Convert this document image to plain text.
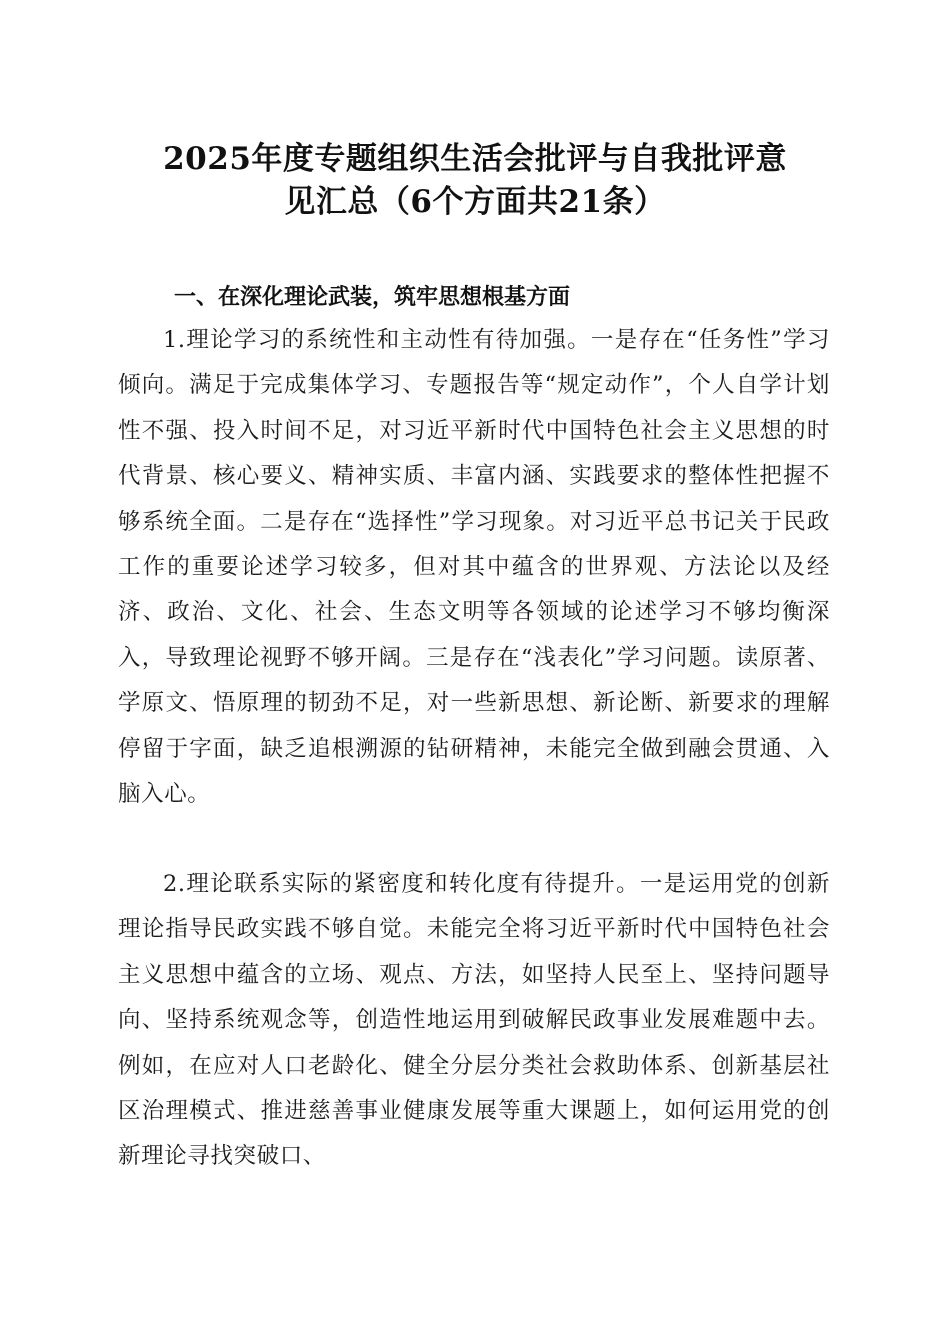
2025年度专题组织生活会批评与自我批评意
见汇总（6个方面共21条）
一、在深化理论武装，筑牢思想根基方面

1.理论学习的系统性和主动性有待加强。一是存在“任务性”学习倾向。满足于完成集体学习、专题报告等“规定动作”，个人自学计划性不强、投入时间不足，对习近平新时代中国特色社会主义思想的时代背景、核心要义、精神实质、丰富内涵、实践要求的整体性把握不够系统全面。二是存在“选择性”学习现象。对习近平总书记关于民政工作的重要论述学习较多，但对其中蕴含的世界观、方法论以及经济、政治、文化、社会、生态文明等各领域的论述学习不够均衡深入，导致理论视野不够开阔。三是存在“浅表化”学习问题。读原著、学原文、悟原理的韧劲不足，对一些新思想、新论断、新要求的理解停留于字面，缺乏追根溯源的钻研精神，未能完全做到融会贯通、入脑入心。

2.理论联系实际的紧密度和转化度有待提升。一是运用党的创新理论指导民政实践不够自觉。未能完全将习近平新时代中国特色社会主义思想中蕴含的立场、观点、方法，如坚持人民至上、坚持问题导向、坚持系统观念等，创造性地运用到破解民政事业发展难题中去。例如，在应对人口老龄化、健全分层分类社会救助体系、创新基层社区治理模式、推进慈善事业健康发展等重大课题上，如何运用党的创新理论寻找突破口、
